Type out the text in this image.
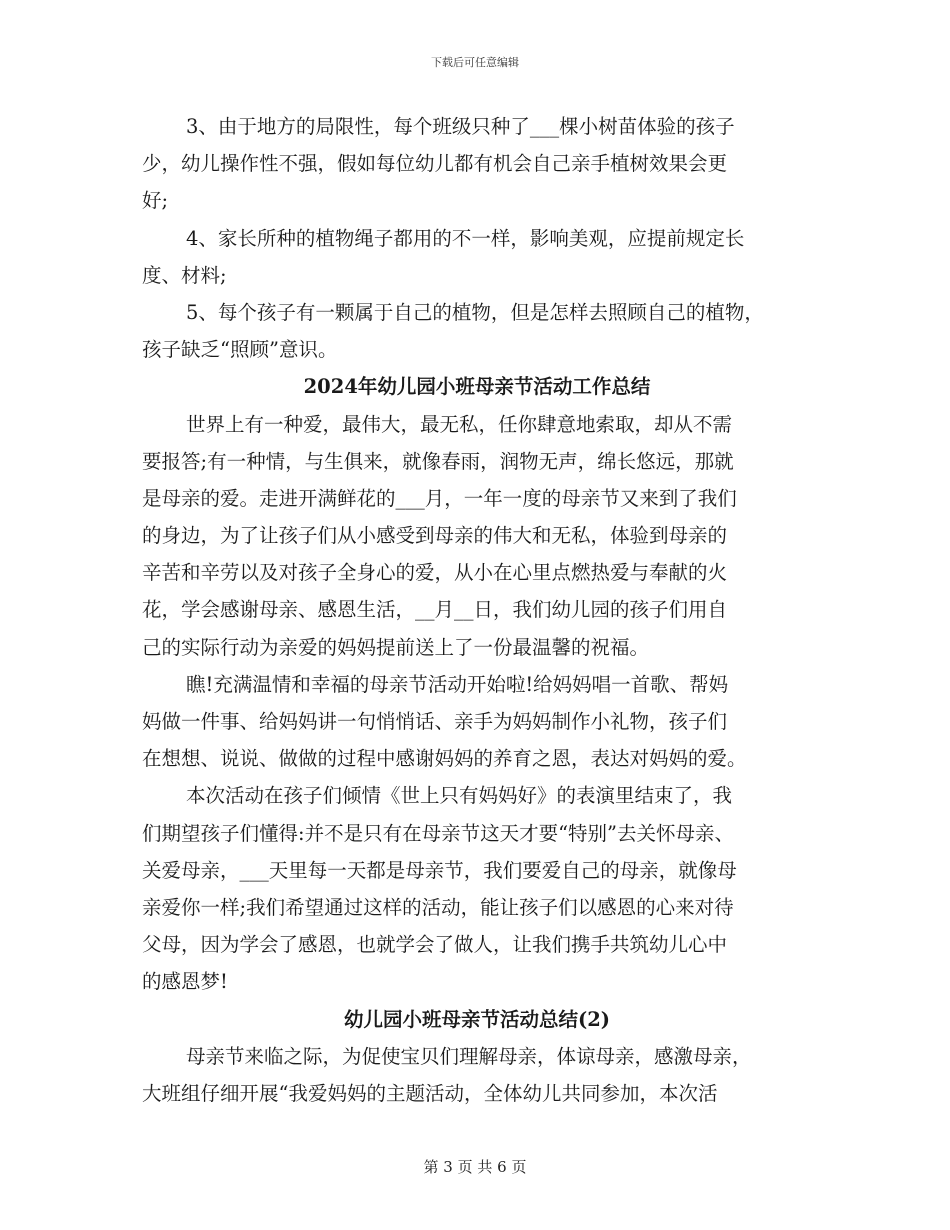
下载后可任意编辑
3、由于地方的局限性，每个班级只种了___棵小树苗体验的孩子
少，幼儿操作性不强，假如每位幼儿都有机会自己亲手植树效果会更
好;
4、家长所种的植物绳子都用的不一样，影响美观，应提前规定长
度、材料;
5、每个孩子有一颗属于自己的植物，但是怎样去照顾自己的植物，
孩子缺乏“照顾”意识。
2024年幼儿园小班母亲节活动工作总结
世界上有一种爱，最伟大，最无私，任你肆意地索取，却从不需
要报答;有一种情，与生俱来，就像春雨，润物无声，绵长悠远，那就
是母亲的爱。走进开满鲜花的___月，一年一度的母亲节又来到了我们
的身边，为了让孩子们从小感受到母亲的伟大和无私，体验到母亲的
辛苦和辛劳以及对孩子全身心的爱，从小在心里点燃热爱与奉献的火
花，学会感谢母亲、感恩生活，__月__日，我们幼儿园的孩子们用自
己的实际行动为亲爱的妈妈提前送上了一份最温馨的祝福。
瞧!充满温情和幸福的母亲节活动开始啦!给妈妈唱一首歌、帮妈
妈做一件事、给妈妈讲一句悄悄话、亲手为妈妈制作小礼物，孩子们
在想想、说说、做做的过程中感谢妈妈的养育之恩，表达对妈妈的爱。
本次活动在孩子们倾情《世上只有妈妈好》的表演里结束了，我
们期望孩子们懂得:并不是只有在母亲节这天才要“特别”去关怀母亲、
关爱母亲，___天里每一天都是母亲节，我们要爱自己的母亲，就像母
亲爱你一样;我们希望通过这样的活动，能让孩子们以感恩的心来对待
父母，因为学会了感恩，也就学会了做人，让我们携手共筑幼儿心中
的感恩梦!
幼儿园小班母亲节活动总结(2)
母亲节来临之际，为促使宝贝们理解母亲，体谅母亲，感激母亲，
大班组仔细开展“我爱妈妈的主题活动，全体幼儿共同参加，本次活
第 3 页 共 6 页
